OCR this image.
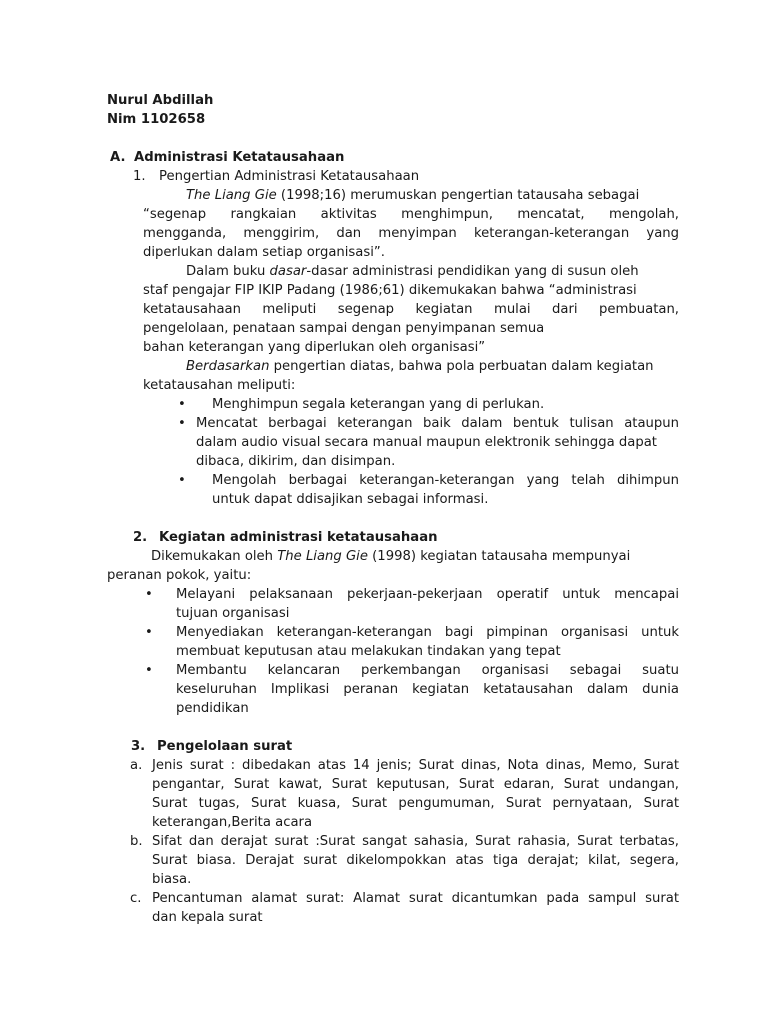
Nurul Abdillah
Nim 1102658
A. Administrasi Ketatausahaan
1. Pengertian Administrasi Ketatausahaan
The Liang Gie (1998;16) merumuskan pengertian tatausaha sebagai
“segenap rangkaian aktivitas menghimpun, mencatat, mengolah,
mengganda, menggirim, dan menyimpan keterangan-keterangan yang
diperlukan dalam setiap organisasi”.
Dalam buku dasar-dasar administrasi pendidikan yang di susun oleh
staf pengajar FIP IKIP Padang (1986;61) dikemukakan bahwa “administrasi
ketatausahaan meliputi segenap kegiatan mulai dari pembuatan,
pengelolaan, penataan sampai dengan penyimpanan semua
bahan keterangan yang diperlukan oleh organisasi”
Berdasarkan pengertian diatas, bahwa pola perbuatan dalam kegiatan
ketatausahan meliputi:
• Menghimpun segala keterangan yang di perlukan.
• Mencatat berbagai keterangan baik dalam bentuk tulisan ataupun
dalam audio visual secara manual maupun elektronik sehingga dapat
dibaca, dikirim, dan disimpan.
• Mengolah berbagai keterangan-keterangan yang telah dihimpun
untuk dapat ddisajikan sebagai informasi.
2. Kegiatan administrasi ketatausahaan
Dikemukakan oleh The Liang Gie (1998) kegiatan tatausaha mempunyai
peranan pokok, yaitu:
• Melayani pelaksanaan pekerjaan-pekerjaan operatif untuk mencapai
tujuan organisasi
• Menyediakan keterangan-keterangan bagi pimpinan organisasi untuk
membuat keputusan atau melakukan tindakan yang tepat
• Membantu kelancaran perkembangan organisasi sebagai suatu
keseluruhan Implikasi peranan kegiatan ketatausahan dalam dunia
pendidikan
3. Pengelolaan surat
a. Jenis surat : dibedakan atas 14 jenis; Surat dinas, Nota dinas, Memo, Surat
pengantar, Surat kawat, Surat keputusan, Surat edaran, Surat undangan,
Surat tugas, Surat kuasa, Surat pengumuman, Surat pernyataan, Surat
keterangan,Berita acara
b. Sifat dan derajat surat :Surat sangat sahasia, Surat rahasia, Surat terbatas,
Surat biasa. Derajat surat dikelompokkan atas tiga derajat; kilat, segera,
biasa.
c. Pencantuman alamat surat: Alamat surat dicantumkan pada sampul surat
dan kepala surat
